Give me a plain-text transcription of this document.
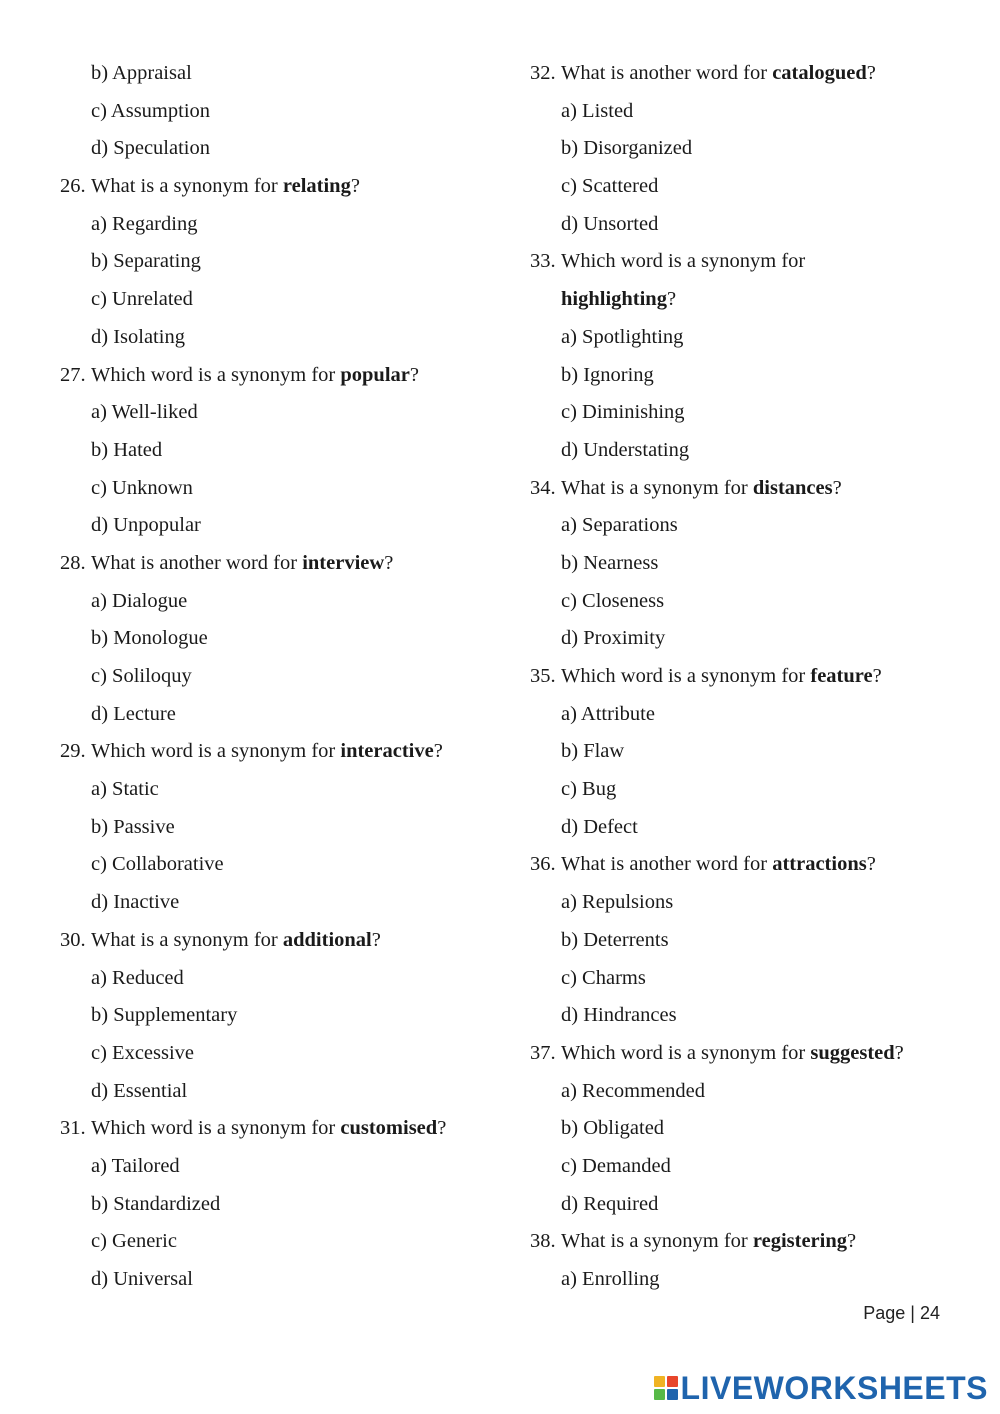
b) Appraisal
c) Assumption
d) Speculation
26. What is a synonym for relating?
a) Regarding
b) Separating
c) Unrelated
d) Isolating
27. Which word is a synonym for popular?
a) Well-liked
b) Hated
c) Unknown
d) Unpopular
28. What is another word for interview?
a) Dialogue
b) Monologue
c) Soliloquy
d) Lecture
29. Which word is a synonym for interactive?
a) Static
b) Passive
c) Collaborative
d) Inactive
30. What is a synonym for additional?
a) Reduced
b) Supplementary
c) Excessive
d) Essential
31. Which word is a synonym for customised?
a) Tailored
b) Standardized
c) Generic
d) Universal
32. What is another word for catalogued?
a) Listed
b) Disorganized
c) Scattered
d) Unsorted
33. Which word is a synonym for
highlighting?
a) Spotlighting
b) Ignoring
c) Diminishing
d) Understating
34. What is a synonym for distances?
a) Separations
b) Nearness
c) Closeness
d) Proximity
35. Which word is a synonym for feature?
a) Attribute
b) Flaw
c) Bug
d) Defect
36. What is another word for attractions?
a) Repulsions
b) Deterrents
c) Charms
d) Hindrances
37. Which word is a synonym for suggested?
a) Recommended
b) Obligated
c) Demanded
d) Required
38. What is a synonym for registering?
a) Enrolling
Page | 24
LIVEWORKSHEETS
